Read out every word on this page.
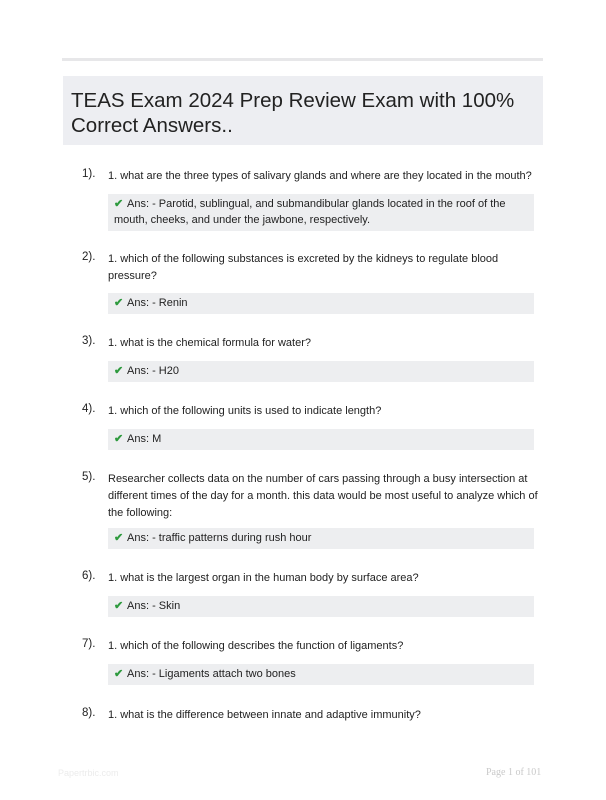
TEAS Exam 2024 Prep Review Exam with 100% Correct Answers..
1). 1. what are the three types of salivary glands and where are they located in the mouth?
✔ Ans: - Parotid, sublingual, and submandibular glands located in the roof of the mouth, cheeks, and under the jawbone, respectively.
2). 1. which of the following substances is excreted by the kidneys to regulate blood pressure?
✔ Ans: - Renin
3). 1. what is the chemical formula for water?
✔ Ans: - H20
4). 1. which of the following units is used to indicate length?
✔ Ans: M
5). Researcher collects data on the number of cars passing through a busy intersection at different times of the day for a month. this data would be most useful to analyze which of the following:
✔ Ans: - traffic patterns during rush hour
6). 1. what is the largest organ in the human body by surface area?
✔ Ans: - Skin
7). 1. which of the following describes the function of ligaments?
✔ Ans: - Ligaments attach two bones
8). 1. what is the difference between innate and adaptive immunity?
Papertrbic.com	Page 1 of 101
